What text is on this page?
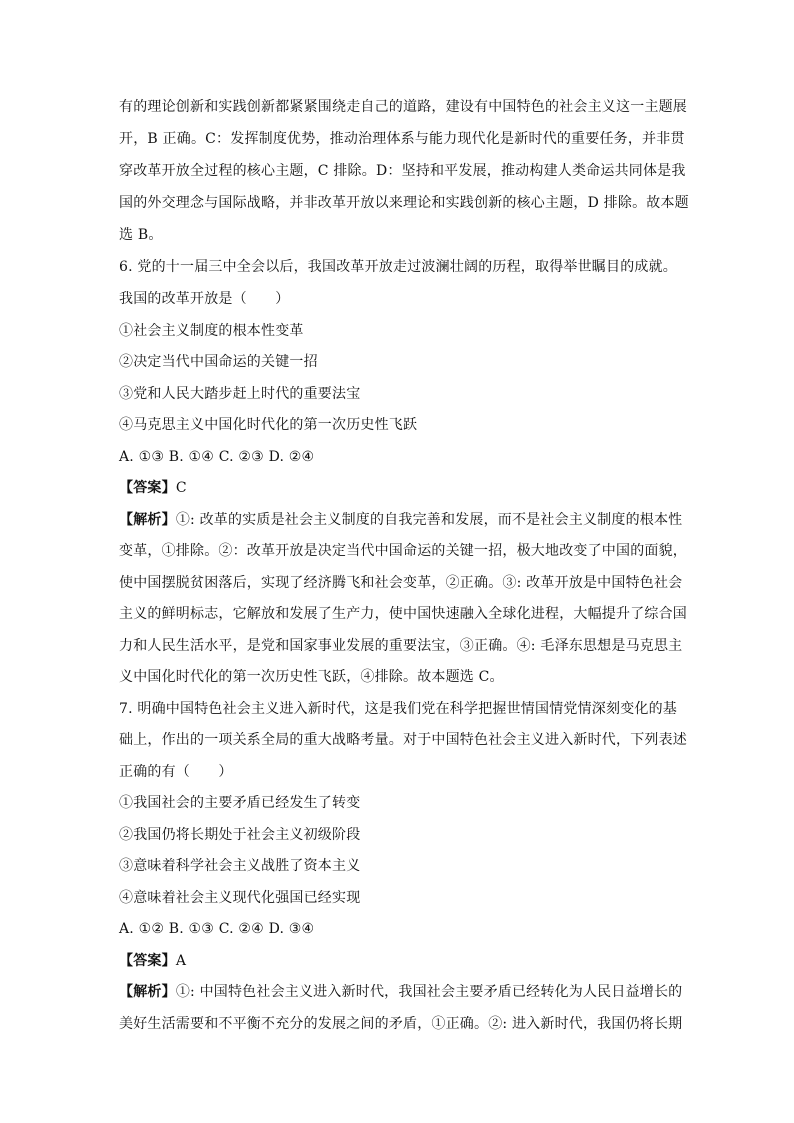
有的理论创新和实践创新都紧紧围绕走自己的道路，建设有中国特色的社会主义这一主题展
开，B 正确。C：发挥制度优势，推动治理体系与能力现代化是新时代的重要任务，并非贯
穿改革开放全过程的核心主题，C 排除。D：坚持和平发展，推动构建人类命运共同体是我
国的外交理念与国际战略，并非改革开放以来理论和实践创新的核心主题，D 排除。故本题
选 B。
6. 党的十一届三中全会以后，我国改革开放走过波澜壮阔的历程，取得举世瞩目的成就。
我国的改革开放是（　　）
①社会主义制度的根本性变革
②决定当代中国命运的关键一招
③党和人民大踏步赶上时代的重要法宝
④马克思主义中国化时代化的第一次历史性飞跃
A. ①③ B. ①④ C. ②③ D. ②④
【答案】C
【解析】①: 改革的实质是社会主义制度的自我完善和发展，而不是社会主义制度的根本性
变革，①排除。②：改革开放是决定当代中国命运的关键一招，极大地改变了中国的面貌，
使中国摆脱贫困落后，实现了经济腾飞和社会变革，②正确。③: 改革开放是中国特色社会
主义的鲜明标志，它解放和发展了生产力，使中国快速融入全球化进程，大幅提升了综合国
力和人民生活水平，是党和国家事业发展的重要法宝，③正确。④: 毛泽东思想是马克思主
义中国化时代化的第一次历史性飞跃，④排除。故本题选 C。
7. 明确中国特色社会主义进入新时代，这是我们党在科学把握世情国情党情深刻变化的基
础上，作出的一项关系全局的重大战略考量。对于中国特色社会主义进入新时代，下列表述
正确的有（　　）
①我国社会的主要矛盾已经发生了转变
②我国仍将长期处于社会主义初级阶段
③意味着科学社会主义战胜了资本主义
④意味着社会主义现代化强国已经实现
A. ①② B. ①③ C. ②④ D. ③④
【答案】A
【解析】①: 中国特色社会主义进入新时代，我国社会主要矛盾已经转化为人民日益增长的
美好生活需要和不平衡不充分的发展之间的矛盾，①正确。②: 进入新时代，我国仍将长期
